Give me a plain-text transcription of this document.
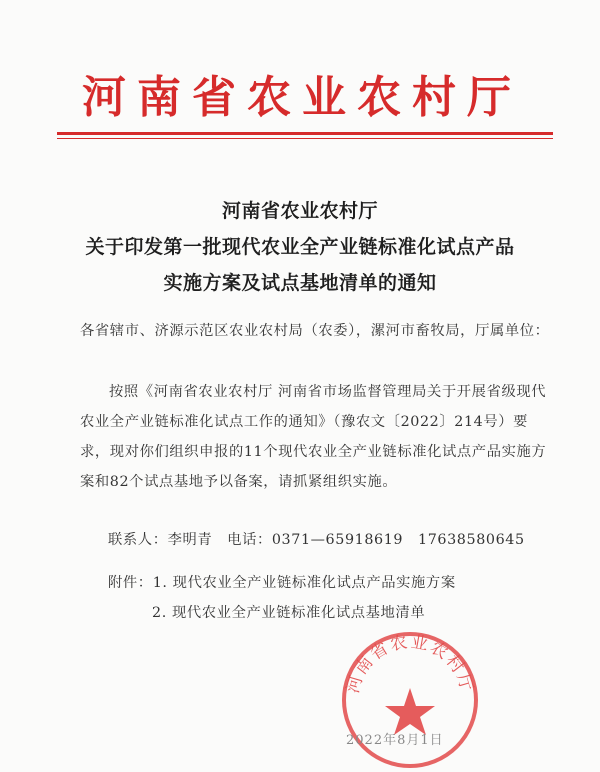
河南省农业农村厅
河南省农业农村厅
关于印发第一批现代农业全产业链标准化试点产品
实施方案及试点基地清单的通知
各省辖市、济源示范区农业农村局（农委），漯河市畜牧局，厅属单位：
按照《河南省农业农村厅 河南省市场监督管理局关于开展省级现代农业全产业链标准化试点工作的通知》（豫农文〔2022〕214号）要求，现对你们组织申报的11个现代农业全产业链标准化试点产品实施方案和82个试点基地予以备案，请抓紧组织实施。
联系人：李明青　电话：0371—65918619　17638580645
附件：1. 现代农业全产业链标准化试点产品实施方案
2. 现代农业全产业链标准化试点基地清单
河南省农业农村厅
2022年8月1日
